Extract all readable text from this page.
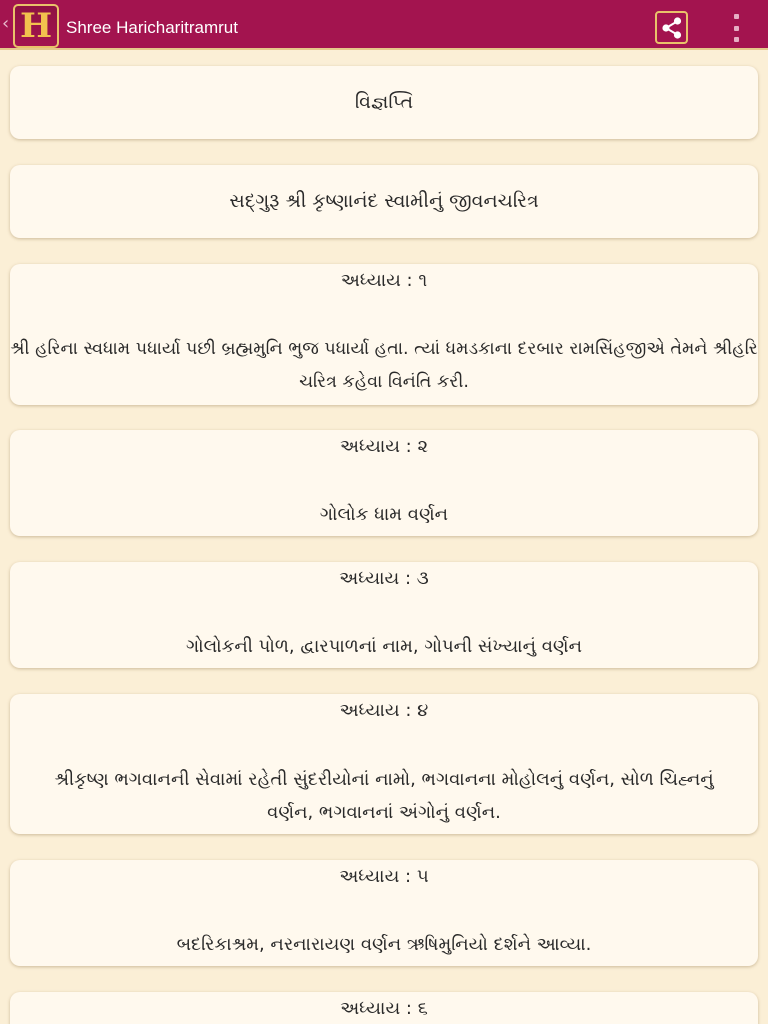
‹ H Shree Haricharitramrut
વિજ્ઞપ્તિ
સદ્‌ગુરૂ શ્રી કૃષ્ણાનંદ સ્વામીનું જીવનચરિત્ર
અધ્યાય : ૧
શ્રી હરિના સ્વધામ પધાર્યા પછી બ્રહ્મમુનિ ભુજ પધાર્યા હતા. ત્યાં ધમડકાના દરબાર રામસિંહજીએ તેમને શ્રીહરિ ચરિત્ર કહેવા વિનંતિ કરી.
અધ્યાય : ૨
ગોલોક ધામ વર્ણન
અધ્યાય : ૩
ગોલોકની પોળ, દ્વારપાળનાં નામ, ગોપની સંખ્યાનું વર્ણન
અધ્યાય : ૪
શ્રીકૃષ્ણ ભગવાનની સેવામાં રહેતી સુંદરીયોનાં નામો, ભગવાનના મોહોલનું વર્ણન, સોળ ચિહ્નનું વર્ણન, ભગવાનનાં અંગોનું વર્ણન.
અધ્યાય : ૫
બદરિકાશ્રમ, નરનારાયણ વર્ણન ઋષિમુનિયો દર્શને આવ્યા.
અધ્યાય : ૬
